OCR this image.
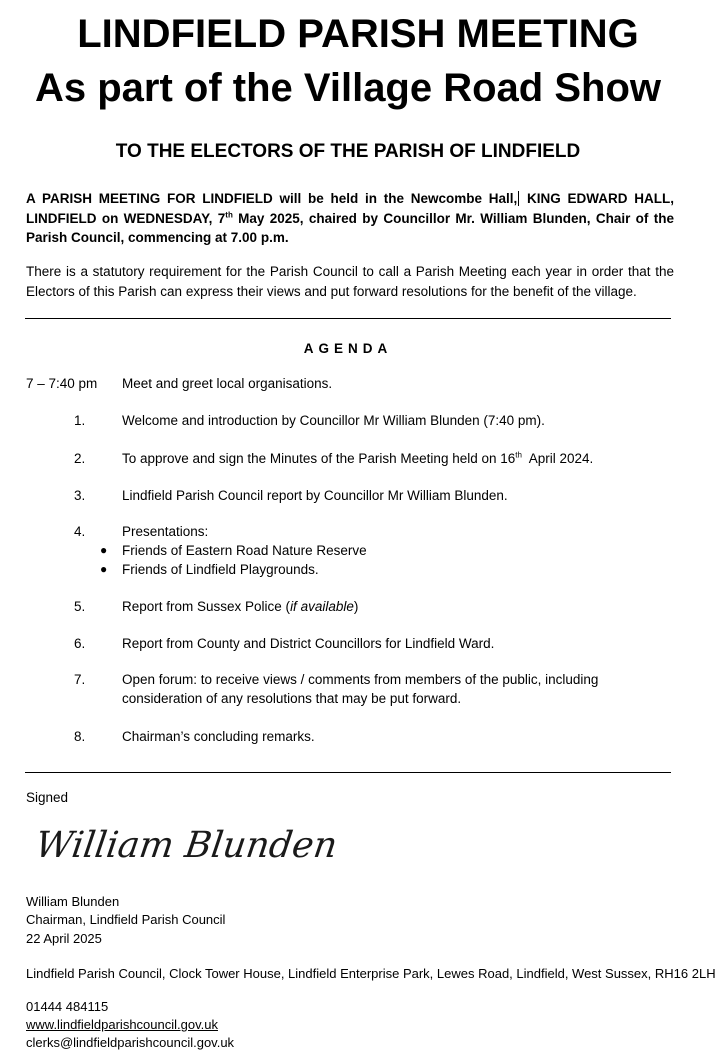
LINDFIELD PARISH MEETING
As part of the Village Road Show
TO THE ELECTORS OF THE PARISH OF LINDFIELD
A PARISH MEETING FOR LINDFIELD will be held in the Newcombe Hall, KING EDWARD HALL, LINDFIELD on WEDNESDAY, 7th May 2025, chaired by Councillor Mr. William Blunden, Chair of the Parish Council, commencing at 7.00 p.m.
There is a statutory requirement for the Parish Council to call a Parish Meeting each year in order that the Electors of this Parish can express their views and put forward resolutions for the benefit of the village.
AGENDA
7 – 7:40 pm Meet and greet local organisations.
1.	Welcome and introduction by Councillor Mr William Blunden (7:40 pm).
2.	To approve and sign the Minutes of the Parish Meeting held on 16th  April 2024.
3.	Lindfield Parish Council report by Councillor Mr William Blunden.
4.	Presentations:
● Friends of Eastern Road Nature Reserve
● Friends of Lindfield Playgrounds.
5.	Report from Sussex Police (if available)
6.	Report from County and District Councillors for Lindfield Ward.
7.	Open forum: to receive views / comments from members of the public, including consideration of any resolutions that may be put forward.
8.	Chairman’s concluding remarks.
Signed
William Blunden
William Blunden
Chairman, Lindfield Parish Council
22 April 2025
Lindfield Parish Council, Clock Tower House, Lindfield Enterprise Park, Lewes Road, Lindfield, West Sussex, RH16 2LH
01444 484115
www.lindfieldparishcouncil.gov.uk
clerks@lindfieldparishcouncil.gov.uk
